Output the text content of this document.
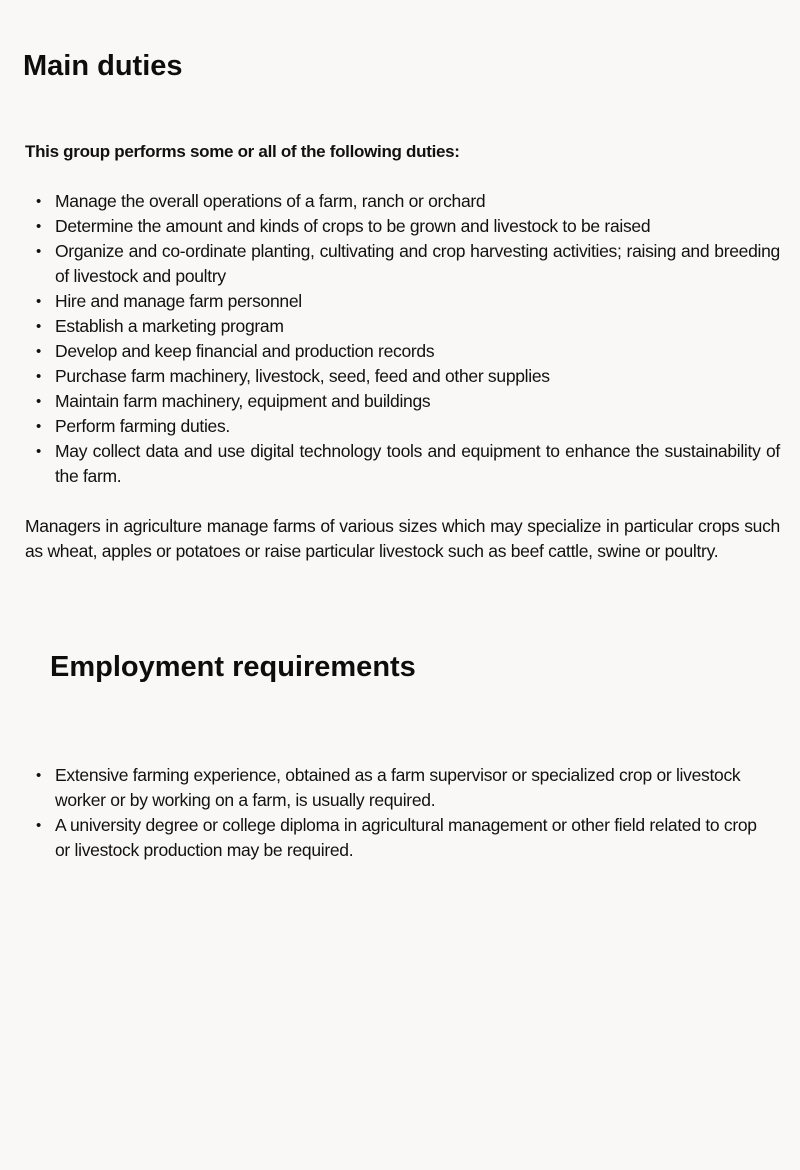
Main duties

This group performs some or all of the following duties:

• Manage the overall operations of a farm, ranch or orchard
• Determine the amount and kinds of crops to be grown and livestock to be raised
• Organize and co-ordinate planting, cultivating and crop harvesting activities; raising and breeding of livestock and poultry
• Hire and manage farm personnel
• Establish a marketing program
• Develop and keep financial and production records
• Purchase farm machinery, livestock, seed, feed and other supplies
• Maintain farm machinery, equipment and buildings
• Perform farming duties.
• May collect data and use digital technology tools and equipment to enhance the sustainability of the farm.

Managers in agriculture manage farms of various sizes which may specialize in particular crops such as wheat, apples or potatoes or raise particular livestock such as beef cattle, swine or poultry.

Employment requirements
• Extensive farming experience, obtained as a farm supervisor or specialized crop or livestock worker or by working on a farm, is usually required.
• A university degree or college diploma in agricultural management or other field related to crop or livestock production may be required.
